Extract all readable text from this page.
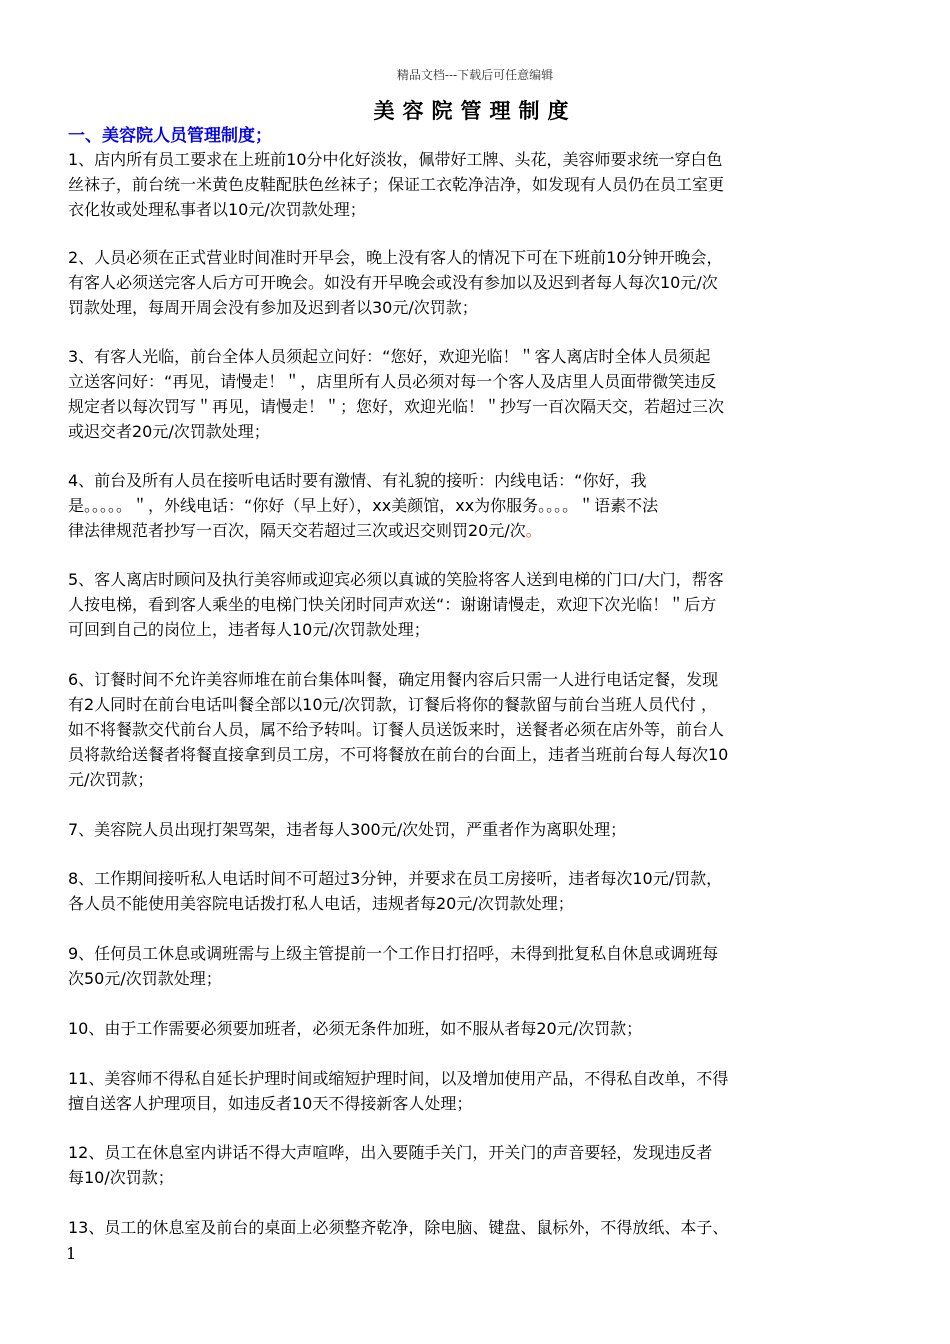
精品文档---下载后可任意编辑
美容院管理制度
一、美容院人员管理制度；
1、店内所有员工要求在上班前10分中化好淡妆，佩带好工牌、头花，美容师要求统一穿白色
丝袜子，前台统一米黄色皮鞋配肤色丝袜子；保证工衣乾净洁净，如发现有人员仍在员工室更
衣化妆或处理私事者以10元/次罚款处理；
2、人员必须在正式营业时间准时开早会，晚上没有客人的情况下可在下班前10分钟开晚会，
有客人必须送完客人后方可开晚会。如没有开早晚会或没有参加以及迟到者每人每次10元/次
罚款处理，每周开周会没有参加及迟到者以30元/次罚款；
3、有客人光临，前台全体人员须起立问好：“您好，欢迎光临！＂客人离店时全体人员须起
立送客问好：“再见，请慢走！＂，店里所有人员必须对每一个客人及店里人员面带微笑违反
规定者以每次罚写＂再见，请慢走！＂；您好，欢迎光临！＂抄写一百次隔天交，若超过三次
或迟交者20元/次罚款处理；
4、前台及所有人员在接听电话时要有激情、有礼貌的接听：内线电话：“你好，我
是。。。。。＂，外线电话：“你好（早上好），xx美颜馆，xx为你服务。。。。＂语素不法
律法律规范者抄写一百次，隔天交若超过三次或迟交则罚20元/次。
5、客人离店时顾问及执行美容师或迎宾必须以真诚的笑脸将客人送到电梯的门口/大门，帮客
人按电梯，看到客人乘坐的电梯门快关闭时同声欢送“：谢谢请慢走，欢迎下次光临！＂后方
可回到自己的岗位上，违者每人10元/次罚款处理；
6、订餐时间不允许美容师堆在前台集体叫餐，确定用餐内容后只需一人进行电话定餐，发现
有2人同时在前台电话叫餐全部以10元/次罚款，订餐后将你的餐款留与前台当班人员代付 ，
如不将餐款交代前台人员，属不给予转叫。订餐人员送饭来时，送餐者必须在店外等，前台人
员将款给送餐者将餐直接拿到员工房，不可将餐放在前台的台面上，违者当班前台每人每次10
元/次罚款；
7、美容院人员出现打架骂架，违者每人300元/次处罚，严重者作为离职处理；
8、工作期间接听私人电话时间不可超过3分钟，并要求在员工房接听，违者每次10元/罚款，
各人员不能使用美容院电话拨打私人电话，违规者每20元/次罚款处理；
9、任何员工休息或调班需与上级主管提前一个工作日打招呼，未得到批复私自休息或调班每
次50元/次罚款处理；
10、由于工作需要必须要加班者，必须无条件加班，如不服从者每20元/次罚款；
11、美容师不得私自延长护理时间或缩短护理时间，以及增加使用产品，不得私自改单，不得
擅自送客人护理项目，如违反者10天不得接新客人处理；
12、员工在休息室内讲话不得大声喧哗，出入要随手关门，开关门的声音要轻，发现违反者
每10/次罚款；
13、员工的休息室及前台的桌面上必须整齐乾净，除电脑、键盘、鼠标外，不得放纸、本子、
1
